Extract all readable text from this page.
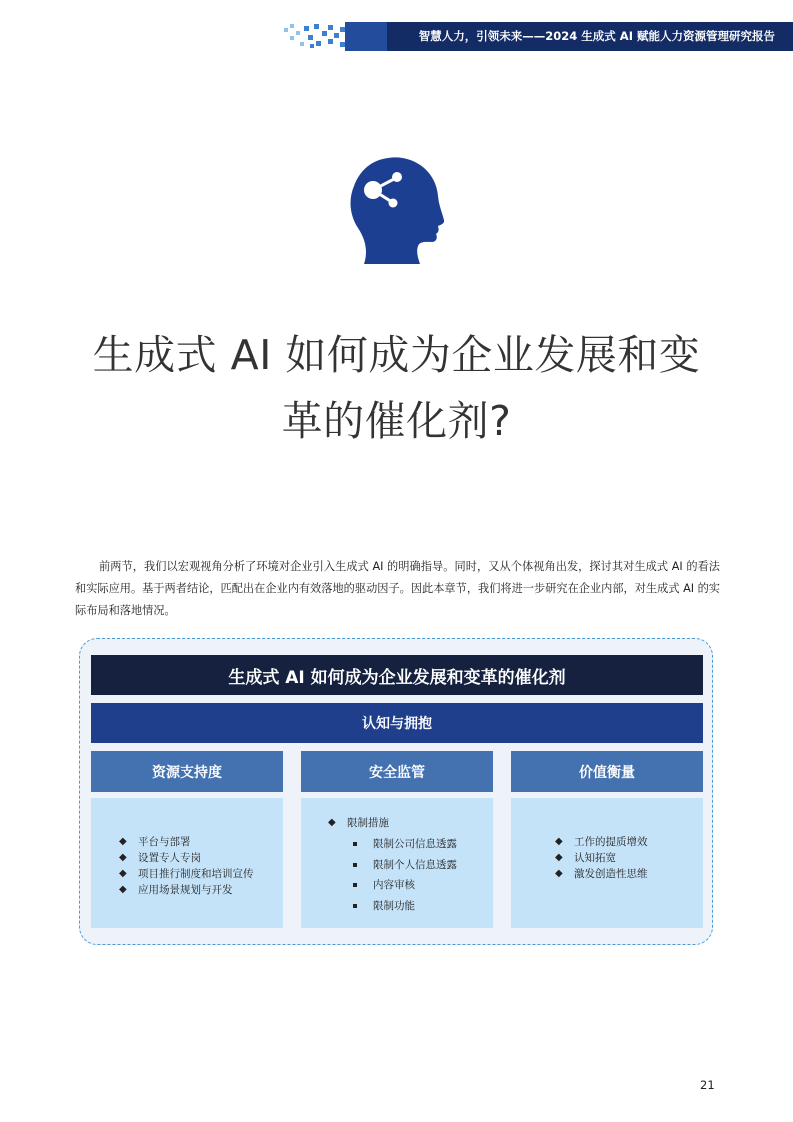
智慧人力，引领未来——2024 生成式 AI 赋能人力资源管理研究报告
生成式 AI 如何成为企业发展和变
革的催化剂?

前两节，我们以宏观视角分析了环境对企业引入生成式 AI 的明确指导。同时，又从个体视角出发，探讨其对生成式 AI 的看法和实际应用。基于两者结论，匹配出在企业内有效落地的驱动因子。因此本章节，我们将进一步研究在企业内部，对生成式 AI 的实际布局和落地情况。

生成式 AI 如何成为企业发展和变革的催化剂
认知与拥抱
资源支持度	安全监管	价值衡量
◆ 平台与部署
◆ 设置专人专岗
◆ 项目推行制度和培训宣传
◆ 应用场景规划与开发
◆ 限制措施
限制公司信息透露
限制个人信息透露
内容审核
限制功能
◆ 工作的提质增效
◆ 认知拓宽
◆ 激发创造性思维
21
